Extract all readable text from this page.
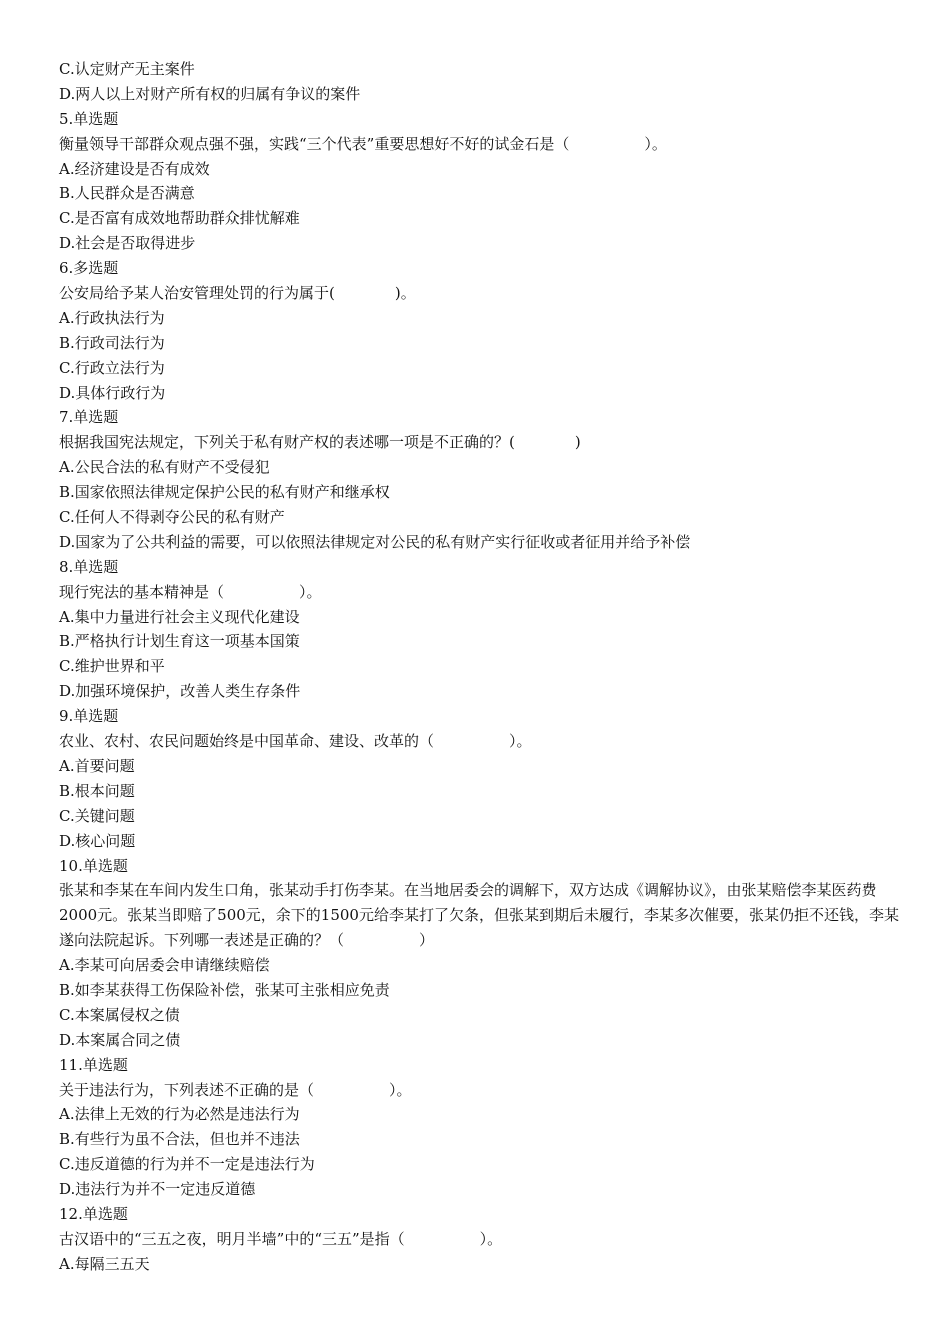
C.认定财产无主案件
D.两人以上对财产所有权的归属有争议的案件
5.单选题
衡量领导干部群众观点强不强，实践“三个代表”重要思想好不好的试金石是（　　　　　）。
A.经济建设是否有成效
B.人民群众是否满意
C.是否富有成效地帮助群众排忧解难
D.社会是否取得进步
6.多选题
公安局给予某人治安管理处罚的行为属于(　　　　)。
A.行政执法行为
B.行政司法行为
C.行政立法行为
D.具体行政行为
7.单选题
根据我国宪法规定，下列关于私有财产权的表述哪一项是不正确的？(　　　　)
A.公民合法的私有财产不受侵犯
B.国家依照法律规定保护公民的私有财产和继承权
C.任何人不得剥夺公民的私有财产
D.国家为了公共利益的需要，可以依照法律规定对公民的私有财产实行征收或者征用并给予补偿
8.单选题
现行宪法的基本精神是（　　　　　）。
A.集中力量进行社会主义现代化建设
B.严格执行计划生育这一项基本国策
C.维护世界和平
D.加强环境保护，改善人类生存条件
9.单选题
农业、农村、农民问题始终是中国革命、建设、改革的（　　　　　）。
A.首要问题
B.根本问题
C.关键问题
D.核心问题
10.单选题
张某和李某在车间内发生口角，张某动手打伤李某。在当地居委会的调解下，双方达成《调解协议》，由张某赔偿李某医药费2000元。张某当即赔了500元，余下的1500元给李某打了欠条，但张某到期后未履行，李某多次催要，张某仍拒不还钱，李某遂向法院起诉。下列哪一表述是正确的？（　　　　　）
A.李某可向居委会申请继续赔偿
B.如李某获得工伤保险补偿，张某可主张相应免责
C.本案属侵权之债
D.本案属合同之债
11.单选题
关于违法行为，下列表述不正确的是（　　　　　）。
A.法律上无效的行为必然是违法行为
B.有些行为虽不合法，但也并不违法
C.违反道德的行为并不一定是违法行为
D.违法行为并不一定违反道德
12.单选题
古汉语中的“三五之夜，明月半墙”中的“三五”是指（　　　　　）。
A.每隔三五天
